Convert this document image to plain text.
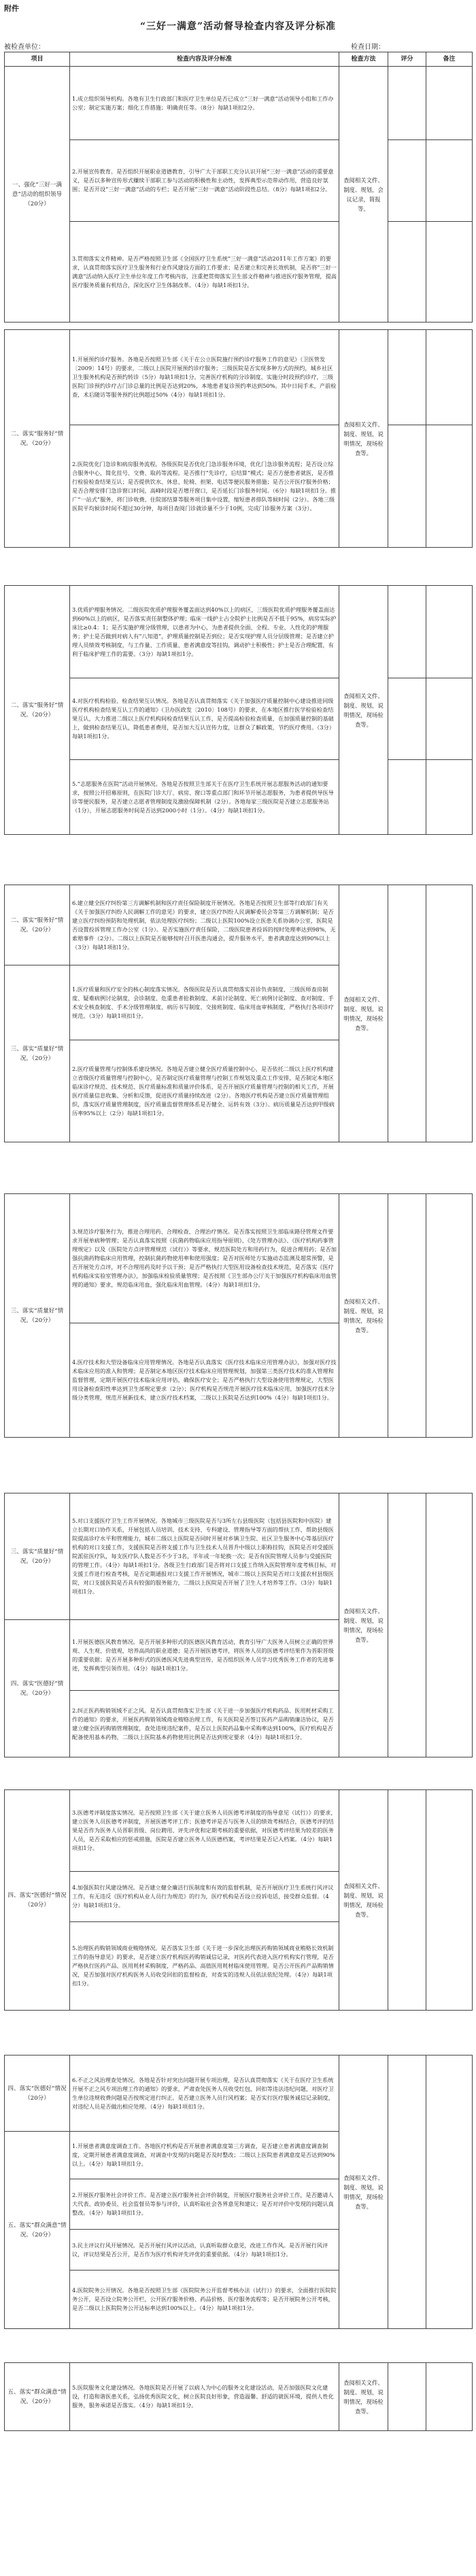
附件
“三好一满意”活动督导检查内容及评分标准
被检查单位：	检查日期：
项目	检查内容及评分标准	检查方法	评分	备注
一、强化“三好一满意”活动的组织领导（20分）	1.成立组织领导机构。各地有卫生行政部门和医疗卫生单位是否已成立“三好一满意”活动领导小组和工作办公室；制定实施方案；细化工作措施；明确责任等。（8分）每缺1项扣2分。	查阅相关文件、制度、规划，会议记录，简报等。		
	2.开展宣传教育。是否组织开展职业道德教育，引导广大干部职工充分认识开展“三好一满意”活动的重要意义，是否以多种宣传形式赚续干部职工参与活动的积极性和主动性，发挥典型示范带动作用，营造良好氛围；是否开设“三好一满意”活动的专栏；是否开展“三好一满意”活动阶段性总结。（8分）每缺1项扣2分。			
	3.贯彻落实文件精神。是否严格按照卫生部《全国医疗卫生系统“三好一满意”活动2011年工作方案》的要求，认真贯彻落实医疗卫生服务和行业作风建设方面的工作要求；是否建立和完善长效机制，是否将“三好一满意”活动纳入医疗卫生单位年度工作考核内容，注重把贯彻落实卫生部文件精神与推进医疗服务管理，提高医疗服务质量有机结合，深化医疗卫生体制改革。（4分）每缺1项扣1分。			
二、落实“服务好”情况。（20分）	1.开展预约诊疗服务。各地是否按照卫生部《关于在公立医院施行预约诊疗服务工作的意见》（卫医管发〔2009〕14号）的要求，二级以上医院开展预约诊疗服务；三级医院是否实现多种方式的预约，城乡社区卫生服务机构是否预约转诊（5分）每缺1项扣1分。完善医疗机构的分诊制度、实施分时段预约诊疗，三级医院门诊预约诊疗占门诊总量的比例是否达到20%，本地患者复诊预约率达到50%。其中日间手术，产前检查，术后随访等服务预约比例超过50%（4分）每缺1项扣1分。	查阅相关文件、制度、规划，说明情况，现场检查等。		
	2.医院优化门急诊和病房服务流程。各级医院是否优化门急诊服务环境，优化门急诊服务流程；是否设立综合服务中心，简化挂号、交费、取药等流程。是否推行“先诊疗，后结算”模式；是否方便患者就医，是否推行检验检查结果互认；是否提供饮水、休息、轮椅、担架、电话等便民服务措施；是否公开医疗服务价格；是否合理安排门急诊窗口时间，高峰时段是否增开窗口，是否延长门诊服务时间。（6分）每缺1项扣1分。推广“一站式”服务，将门诊收费、住院部结算等服务项目集中设置，缩短患者排队等候时间（2分）。各地三级医院平均候诊时间不超过30分钟，每项目查阅门诊就诊量不少于10例，完成门诊服务方案（3分）。			
二、落实“服务好”情况。（20分）	3.优质护理服务情况。二级医院优质护理服务覆盖面达到40%以上的病区，三级医院优质护理服务覆盖面达到60%以上的病区，是否落实责任制整体护理；临床一线护士占全院护士比例是否不低于95%，病房实际护床比≥0.4：1；是否实施护理分级管理，以患者为中心，为患者提供全面、全程、专业、人性化的护理服务；护士是否做到对病人有“八知道”，护理质量控制是否到位；是否实现护理人员分层级管理；是否建立护理人员绩效考核制度，与工作量、工作质量、患者满意度等挂钩，调动护士积极性；护士是否合理配置，有利于临床护理工作的需要。（3分）每缺1项扣1分。	查阅相关文件、制度、规划，说明情况，现场检查等。		
	4.对医疗机构检验、检查结果互认情况。各地是否认真贯彻落实《关于加强医疗质量控制中心建设推进同级医疗机构检查结果互认工作的通知》（卫办医政发〔2010〕108号）的要求，在本地区推行医学检验检查结果互认，大力推进二级以上医疗机构间检查结果互认工作，是否提高检验检查质量，在加强质量控制的基础上，做到检查结果互认，降低患者费用，是否加大互认宣传力度，让群众了解政策，节约医疗费用。（3分）每缺1项扣1分。			
	5.“志愿服务在医院”活动开展情况。各地是否按照卫生部关于在医疗卫生系统开展志愿服务活动的通知要求，按照公开招募原则，在医院门诊大厅、病房、窗口等重点部门和环节开展志愿服务，为患者提供导医导诊等便民服务，是否建立志愿者管理制度及激励保障机制（2分）。各地每家三级医院是否建立志愿服务站（1分），开展志愿服务时间是否达到2000小时（1分）。（4分）每缺1项扣1分。			
二、落实“服务好”情况。（20分）	6.建立健全医疗纠纷第三方调解机制和医疗责任保险制度开展情况。各地是否按照卫生部等行政部门有关《关于加强医疗纠纷人民调解工作的意见》的要求，建立医疗纠纷人民调解委员会等第三方调解机制；是否建立医疗纠纷预防和处理机制，依法处理医疗纠纷；二级以上医院100%设立医患关系协调办公室，医院是否设置投诉管理工作办公室（1分）。是否实施医疗责任保险，二级医院患者投诉的按时处理率达到98%，无索赔事件（2分）。二级以上医院是否能够按时召开医患沟通会，提升服务水平，患者满意度达到90%以上（3分）每缺1项扣1分。	查阅相关文件、制度、规划，说明情况，现场检查等。		
三、落实“质量好”情况。（20分）	1.医疗质量和医疗安全的核心制度落实情况。各级医院是否认真贯彻落实首诊负责制度、三级医师查房制度、疑难病例讨论制度、会诊制度、危重患者抢救制度、术前讨论制度、死亡病例讨论制度、查对制度、手术安全核查制度、手术分级管理制度、病历书写制度、交接班制度、临床用血审核制度，严格执行各项诊疗规范。（3分）每缺1项扣1分。			
	2.医疗质量管理与控制体系建设情况。各地是否建立健全医疗质量控制中心，是否依托二级以上医疗机构建立省级医疗质量管理与控制中心，是否制定医疗质量管理与控制工作规划及重点工作安排，是否制定本地区临床诊疗规范、技术规范、医疗质量标准和质量评价体系，是否开展医疗质量管理与控制的相关工作，开展医疗质量信息收集、分析和反馈，促进医疗质量持续改进（2分）。各地医疗机构是否建立医疗质量管理组织，落实医疗质量管理制度，医疗质量监督管理体系是否健全、运转有效（3分）。病历质量是否达到甲级病历率95%以上（2分）每缺1项扣1分。			
三、落实“质量好”情况。（20分）	3.规范诊疗服务行为，推进合理用药、合理检查、合理治疗情况。是否落实按照卫生部临床路径管理文件要求开展单病种管理；是否认真落实按照《抗菌药物临床应用指导原则》、《处方管理办法》、《医疗机构药事管理规定》以及《医院处方点评管理规范（试行）》等要求，规范医院处方和用药行为，促进合理用药；是否加强抗菌药物临床应用管理，控制抗菌药物使用率和使用强度；是否对医师处方实施动态监测及超常预警，是否开展处方点评，对不合理用药及时予以干预；是否严格执行大型医用设备检查技术规范，是否落实《医疗机构临床实验室管理办法》，加强临床检验质量管理；是否按照《卫生部办公厅关于加强医疗机构临床用血管理的通知》要求，规范临床用血，强化临床用血管理。（4分）每缺1项扣1分。	查阅相关文件、制度、规划，说明情况，现场检查等。		
4.医疗技术和大型设备临床应用管理情况。各地是否认真落实《医疗技术临床应用管理办法》，加强对医疗技术临床应用的准入和管理；是否制定本地区医疗技术临床应用管理规划，加强第三类医疗技术的准入管理和监督管理，定期开展医疗技术临床应用评估，确保医疗安全；是否严格执行大型设备使用管理规定，大型医用设备检查阳性率达到卫生部规定要求（2分）；医疗机构是否规范开展医疗技术临床应用，加强医疗技术分级分类管理，规范开展新技术，建立医疗技术档案，二级以上医院是否达到100%（4分）每缺1项扣1分。
三、落实“质量好”情况。（20分）	5.对口支援医疗卫生工作开展情况。各地城市三级医院是否与3所左右县级医院（包括县医院和中医院）建立长期对口协作关系，开展包括人员培训、技术支持、专科建设、管理指导等方面的帮扶工作，帮助县级医院提高诊疗水平和管理能力，城市二级以上医院是否同时开展对乡镇卫生院、社区卫生服务中心等基层医疗机构的对口支援工作，支援医院是否将支援工作与卫生技术人员晋升中级以上职称挂钩，医院是否对受援医院派驻医疗队，每支医疗队人数是否不少于3名，半年或一年轮换一次；是否有医院管理人员参与受援医院的管理工作。（4分）每缺1项扣1分。各级卫生行政部门是否将对口支援工作纳入医院管理年度考核目标，对支援工作进行检查考核，是否定期通报对口支援工作开展情况，城市二级以上医院是否对口支援农村县级医院，对口支援医院是否具有较强的服务能力，二级以上医院是否开展了卫生人才培养等工作。（3分）每缺1项扣1分。	查阅相关文件、制度、规划，说明情况，现场检查等。		
四、落实“医德好”情况。（20分）	1.开展医德医风教育情况。是否开展多种形式的医德医风教育活动，教育引导广大医务人员树立正确的世界观、人生观、价值观，培养高尚的职业道德；是否开展医德考评，将医务人员的医德考评结果作为晋职晋级的重要依据；是否开展多种形式的医德医风先进典型宣传，是否组织医务人员学习优秀医务工作者的先进事迹，发挥典型引领作用。（4分）每缺1项扣1分。			
	2.纠正医药购销领域不正之风。是否认真贯彻落实卫生部《关于进一步加强医疗机构药品、医用耗材采购工作的通知》的要求，开展医药购销领域商业贿赂治理工作，有关医院是否签订医药产品购销廉洁协议，是否建立健全医药购销管理制度，查处违规违纪案件，是否以上医院药品集中采购率达到100%，医疗机构是否配备使用基本药物，二级以上医院基本药物使用比例是否达到规定要求（4分）每缺1项扣1分。			
四、落实“医德好”情况（20分）	3.医德考评制度落实情况。是否按照卫生部《关于建立医务人员医德考评制度的指导意见（试行）》的要求，建立医务人员医德考评制度，开展医德考评工作；医德考评是否与医务人员的绩效考核结合，医德考评的结果是否作为医务人员晋职晋级、岗位聘用、评先评优和定期考核的重要依据，对医德考评结果为较差的医务人员，是否采取相应的惩戒措施，医院是否建立医务人员医德档案，考评结果是否记入档案。（4分）每缺1项扣1分。	查阅相关文件、制度、规划，说明情况，现场检查等。		
4.加强医院行风建设情况。是否建立健全廉洁行医制度和有效的监督机制，是否开展医疗卫生系统行风评议工作，有无违反《医疗机构从业人员行为规范》的行为，医疗机构是否设立投诉电话，接受群众监督。（4分）每缺1项扣1分。
5.治理医药购销领域商业贿赂情况。是否落实卫生部《关于进一步深化治理医药购销领域商业贿赂长效机制工作的指导意见》的要求，是否建立医疗机构医药购销诚信记录，对医药代表进入医疗机构实行管理，是否严格执行医药产品、医用耗材采购制度，严格药品、高值医用耗材临床使用管理。是否公开医药产品购销情况，是否加强对医疗机构医务人员收受回扣的监督检查，对查实的违规人员依法依纪处理。（4分）每缺1项扣1分。
四、落实“医德好”情况（20分）	6.不正之风治理查处情况。各地是否针对突出问题开展专项治理，是否认真贯彻落实《关于在医疗卫生系统开展不正之风专项治理工作的通知》的要求，严肃查处医务人员收受红包、回扣等违法违纪问题，对医疗卫生单位违规收费问题是否按规定进行纠正。是否建立医务人员行风档案；是否实行医疗服务诚信记录制度，对违纪人员是否做出相应处理。（4分）每缺1项扣1分。	查阅相关文件、制度、规划，说明情况，现场检查等。		
五、落实“群众满意”情况。（20分）	1.开展患者满意度调查工作。各地医疗机构是否开展患者满意度第三方调查，是否建立患者满意度调查制度，定期开展患者满意度调查，对调查中发现的问题是否及时整改；二级以上医院患者满意度是否达到90%以上。（4分）每缺1项扣1分。			
	2.开展医疗服务社会评价工作。是否建立医疗服务社会评价制度，开展医疗服务社会评价工作，是否邀请人大代表、政协委员、社会监督员等参与评价，认真听取社会各界意见和建议；是否对评价中发现的问题认真整改。（4分）每缺1项扣1分。			
	3.民主评议行风开展情况。是否开展行风评议活动，认真听取群众意见，改进工作作风。是否开展行风评议，评议结果是否公开，是否作为医疗机构评先评优的重要依据。（4分）每缺1项扣1分。			
	4.医院院务公开情况。各地是否按照卫生部《医院院务公开监督考核办法（试行）》的要求，全面推行医院院务公开，是否设立院务公开栏，公开医疗服务价格、药品价格、医疗服务流程等；是否开展院务公开考核，是否二级以上医院院务公开达标率达到100%以上。（4分）每缺1项扣1分。			
五、落实“群众满意”情况。（20分）	5.医院服务文化建设情况。各地医院是否开展了以病人为中心的服务文化建设活动，是否加强医院文化建设，打造和谐医患关系，弘扬优秀医院文化，树立医院良好形象，营造温馨、舒适的就医环境，提供人性化服务，服务承诺是否落实。（4分）每缺1项扣1分。	查阅相关文件、制度、规划，说明情况，现场检查等。		
